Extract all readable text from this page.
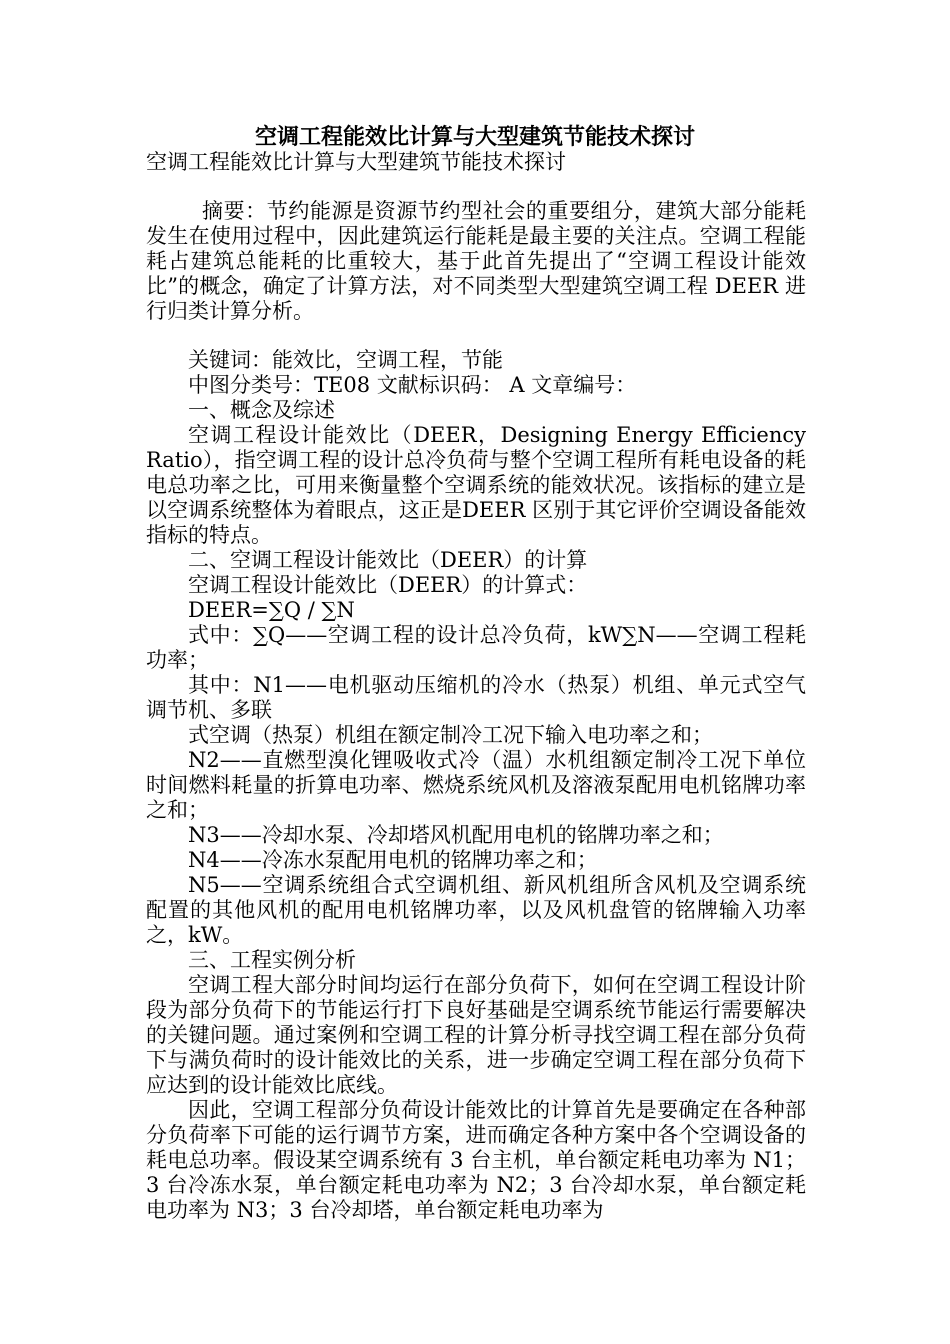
空调工程能效比计算与大型建筑节能技术探讨

空调工程能效比计算与大型建筑节能技术探讨

摘要：节约能源是资源节约型社会的重要组分，建筑大部分能耗发生在使用过程中，因此建筑运行能耗是最主要的关注点。空调工程能耗占建筑总能耗的比重较大，基于此首先提出了“空调工程设计能效比”的概念，确定了计算方法，对不同类型大型建筑空调工程 DEER 进行归类计算分析。

关键词：能效比，空调工程，节能

中图分类号：TE08 文献标识码： A 文章编号：

一、概念及综述

空调工程设计能效比（DEER，Designing Energy Efficiency Ratio），指空调工程的设计总冷负荷与整个空调工程所有耗电设备的耗电总功率之比，可用来衡量整个空调系统的能效状况。该指标的建立是以空调系统整体为着眼点，这正是DEER 区别于其它评价空调设备能效指标的特点。

二、空调工程设计能效比（DEER）的计算

空调工程设计能效比（DEER）的计算式：

DEER=∑Q / ∑N

式中：∑Q——空调工程的设计总冷负荷，kW∑N——空调工程耗功率；

其中：N1——电机驱动压缩机的冷水（热泵）机组、单元式空气调节机、多联

式空调（热泵）机组在额定制冷工况下输入电功率之和；

N2——直燃型溴化锂吸收式冷（温）水机组额定制冷工况下单位时间燃料耗量的折算电功率、燃烧系统风机及溶液泵配用电机铭牌功率之和；

N3——冷却水泵、冷却塔风机配用电机的铭牌功率之和；

N4——冷冻水泵配用电机的铭牌功率之和；

N5——空调系统组合式空调机组、新风机组所含风机及空调系统配置的其他风机的配用电机铭牌功率，以及风机盘管的铭牌输入功率之，kW。

三、工程实例分析

空调工程大部分时间均运行在部分负荷下，如何在空调工程设计阶段为部分负荷下的节能运行打下良好基础是空调系统节能运行需要解决的关键问题。通过案例和空调工程的计算分析寻找空调工程在部分负荷下与满负荷时的设计能效比的关系，进一步确定空调工程在部分负荷下应达到的设计能效比底线。

因此，空调工程部分负荷设计能效比的计算首先是要确定在各种部分负荷率下可能的运行调节方案，进而确定各种方案中各个空调设备的耗电总功率。假设某空调系统有 3 台主机，单台额定耗电功率为 N1；3 台冷冻水泵，单台额定耗电功率为 N2；3 台冷却水泵，单台额定耗电功率为 N3；3 台冷却塔，单台额定耗电功率为
